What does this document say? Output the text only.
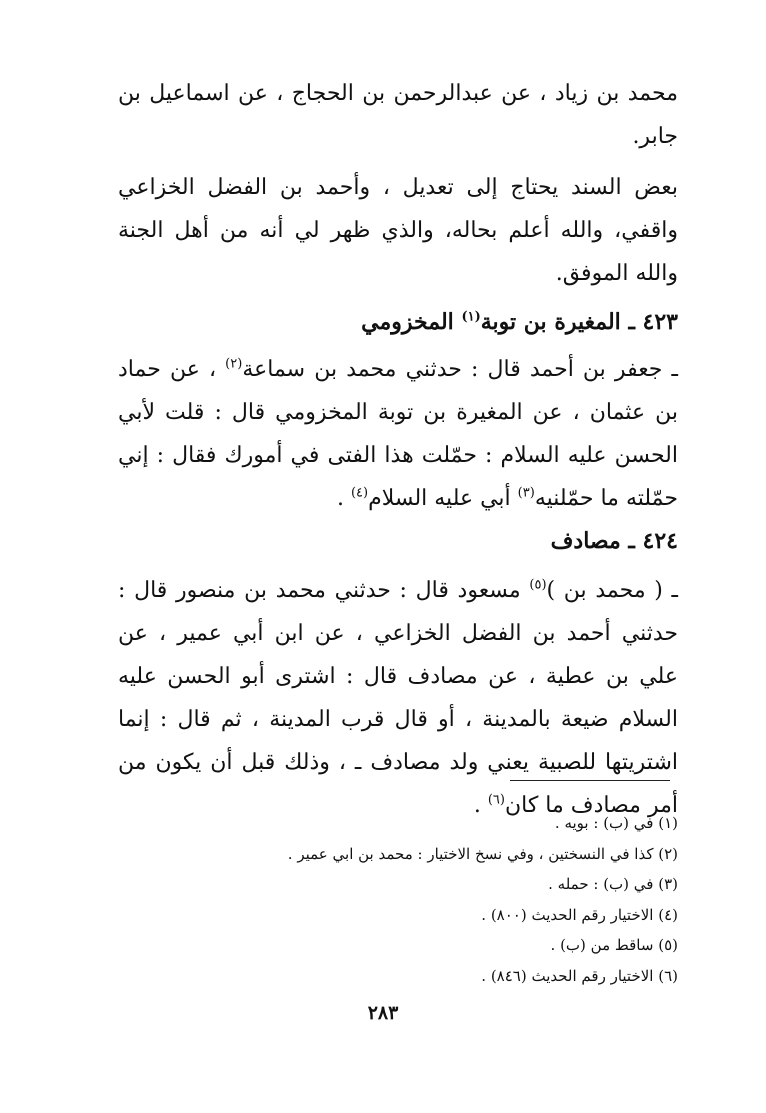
محمد بن زياد ، عن عبدالرحمن بن الحجاج ، عن اسماعيل بن جابر.

بعض السند يحتاج إلى تعديل ، وأحمد بن الفضل الخزاعي واقفي، والله أعلم بحاله، والذي ظهر لي أنه من أهل الجنة والله الموفق.

٤٢٣ ـ المغيرة بن توبة$^{(١)}$ المخزومي

ـ جعفر بن أحمد قال : حدثني محمد بن سماعة$^{(٢)}$ ، عن حماد بن عثمان ، عن المغيرة بن توبة المخزومي قال : قلت لأبي الحسن عليه السلام : حمّلت هذا الفتى في أمورك فقال : إني حمّلته ما حمّلنيه$^{(٣)}$ أبي عليه السلام$^{(٤)}$ .

٤٢٤ ـ مصادف

ـ ( محمد بن )$^{(٥)}$ مسعود قال : حدثني محمد بن منصور قال : حدثني أحمد بن الفضل الخزاعي ، عن ابن أبي عمير ، عن علي بن عطية ، عن مصادف قال : اشترى أبو الحسن عليه السلام ضيعة بالمدينة ، أو قال قرب المدينة ، ثم قال : إنما اشتريتها للصبية يعني ولد مصادف ـ ، وذلك قبل أن يكون من أمر مصادف ما كان$^{(٦)}$ .

(١) في (ب) : بويه .

(٢) كذا في النسختين ، وفي نسخ الاختيار : محمد بن ابي عمير .

(٣) في (ب) : حمله .

(٤) الاختيار رقم الحديث (٨٠٠) .

(٥) ساقط من (ب) .

(٦) الاختيار رقم الحديث (٨٤٦) .

٢٨٣
